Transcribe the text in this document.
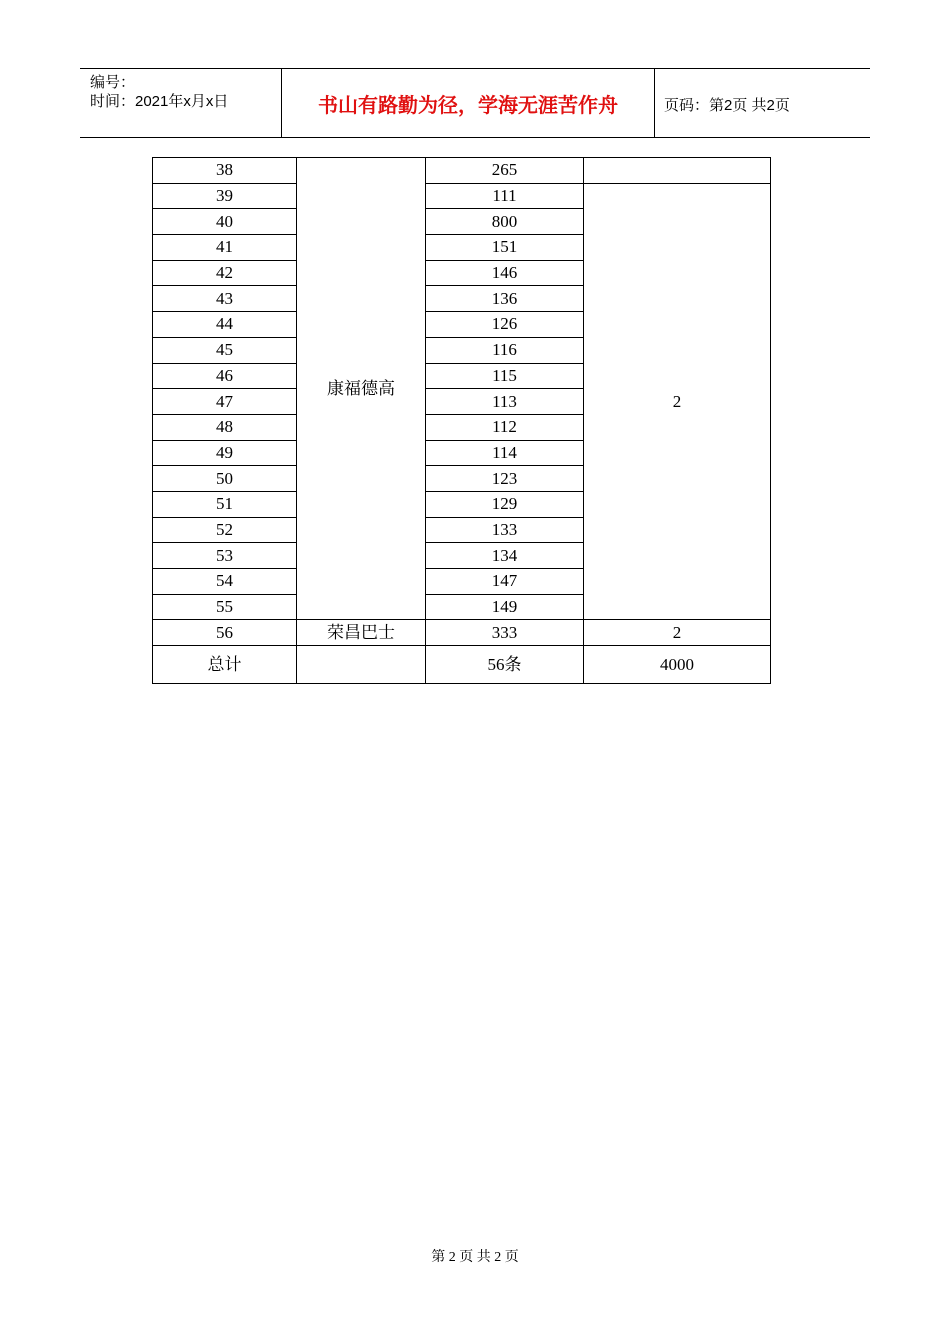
编号：
时间：2021年x月x日	书山有路勤为径，学海无涯苦作舟	页码：第2页 共2页
38	康福德高	265	
39		111	2
40		800	
41		151	
42		146	
43		136	
44		126	
45		116	
46		115	
47		113	
48		112	
49		114	
50		123	
51		129	
52		133	
53		134	
54		147	
55		149	
56	荣昌巴士	333	2
总计		56条	4000
第 2 页 共 2 页
